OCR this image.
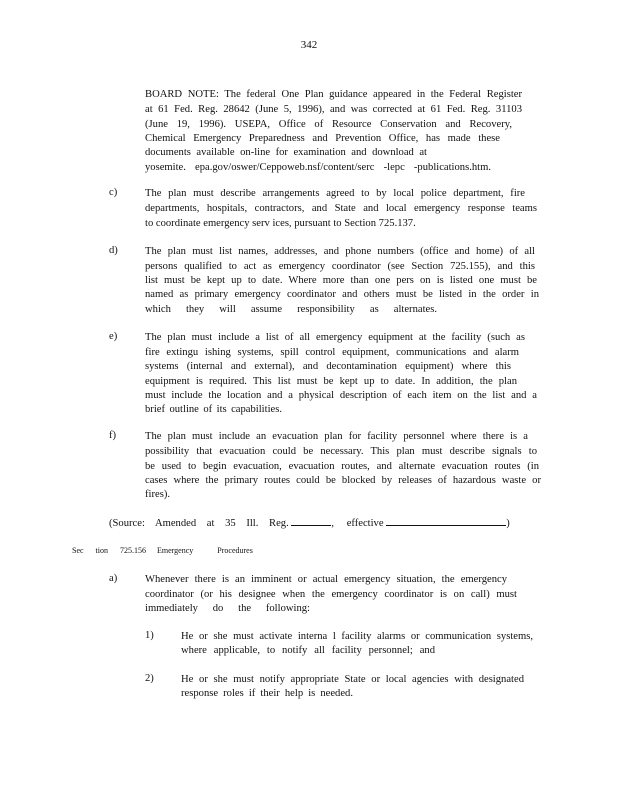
342
BOARD NOTE: The federal One Plan guidance appeared in the Federal Register
at 61 Fed. Reg. 28642 (June 5, 1996), and was corrected at 61 Fed. Reg. 31103
(June 19, 1996). USEPA, Office of Resource Conservation and Recovery,
Chemical Emergency Preparedness and Prevention Office, has made these
documents available on-line for examination and download at
yosemite. epa.gov/oswer/Ceppoweb.nsf/content/serc -lepc -publications.htm.
c)	The plan must describe arrangements agreed to by local police department, fire
departments, hospitals, contractors, and State and local emergency response teams
to coordinate emergency serv ices, pursuant to Section 725.137.
d)	The plan must list names, addresses, and phone numbers (office and home) of all
persons qualified to act as emergency coordinator (see Section 725.155), and this
list must be kept up to date. Where more than one pers on is listed one must be
named as primary emergency coordinator and others must be listed in the order in
which they will assume responsibility as alternates.
e)	The plan must include a list of all emergency equipment at the facility (such as
fire extingu ishing systems, spill control equipment, communications and alarm
systems (internal and external), and decontamination equipment) where this
equipment is required. This list must be kept up to date. In addition, the plan
must include the location and a physical description of each item on the list and a
brief outline of its capabilities.
f)	The plan must include an evacuation plan for facility personnel where there is a
possibility that evacuation could be necessary. This plan must describe signals to
be used to begin evacuation, evacuation routes, and alternate evacuation routes (in
cases where the primary routes could be blocked by releases of hazardous waste or
fires).
(Source: Amended at 35 Ill. Reg.	, effective	)
Sec tion 725.156 Emergency Procedures
a)	Whenever there is an imminent or actual emergency situation, the emergency
coordinator (or his designee when the emergency coordinator is on call) must
immediately do the following:
1)	He or she must activate interna l facility alarms or communication systems,
where applicable, to notify all facility personnel; and
2)	He or she must notify appropriate State or local agencies with designated
response roles if their help is needed.
